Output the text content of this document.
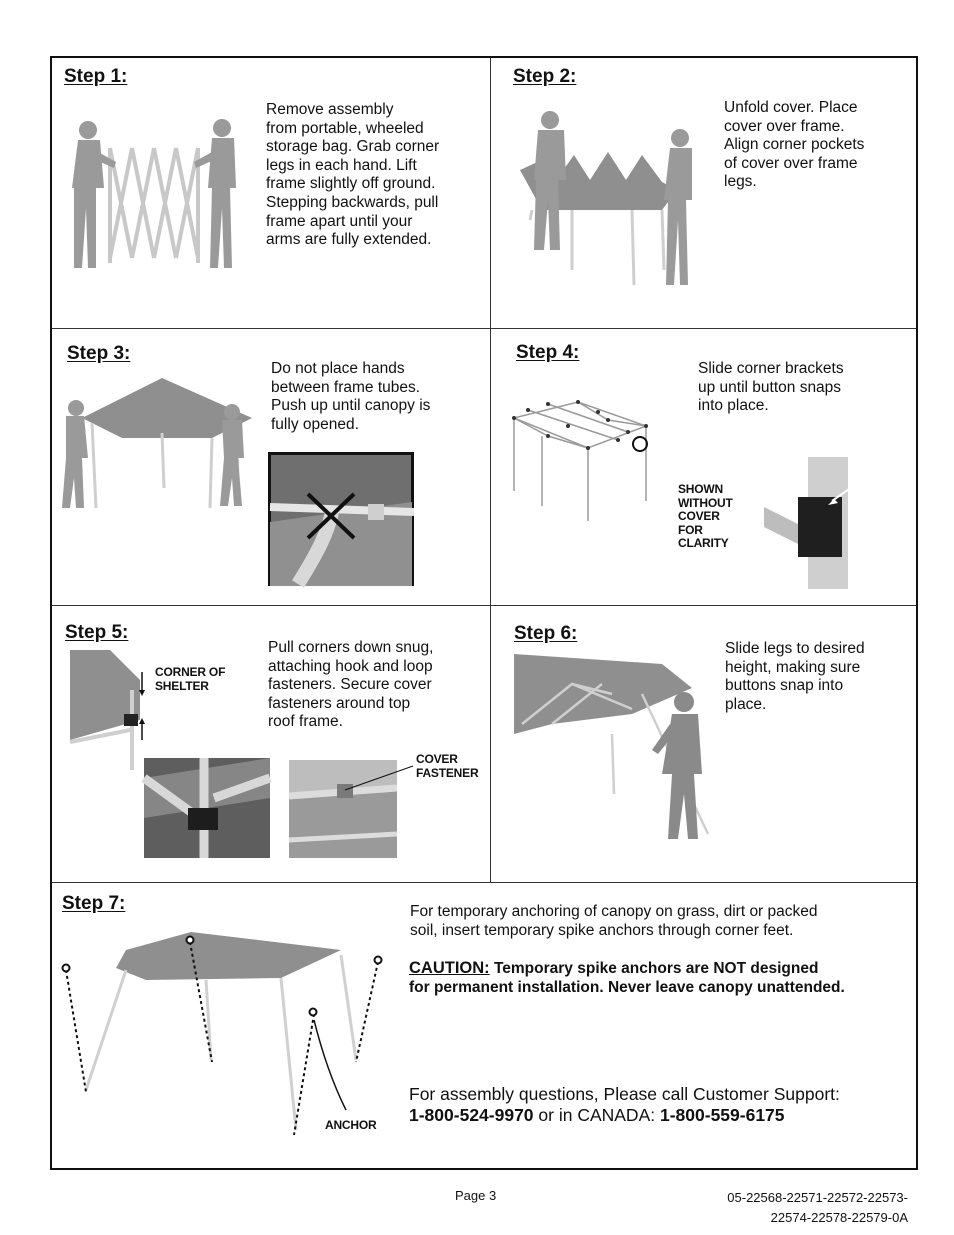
Step 1:
Remove assembly
from portable, wheeled
storage bag. Grab corner
legs in each hand. Lift
frame slightly off ground.
Stepping backwards, pull
frame apart until your
arms are fully extended.
Step 2:
Unfold cover. Place
cover over frame.
Align corner pockets
of cover over frame
legs.
Step 3:
Do not place hands
between frame tubes.
Push up until canopy is
fully opened.
Step 4:
Slide corner brackets
up until button snaps
into place.
SHOWN
WITHOUT
COVER
FOR
CLARITY
Step 5:
Pull corners down snug,
attaching hook and loop
fasteners. Secure cover
fasteners around top
roof frame.
CORNER OF
SHELTER
COVER
FASTENER
Step 6:
Slide legs to desired
height, making sure
buttons snap into
place.
Step 7:	For temporary anchoring of canopy on grass, dirt or packed
soil, insert temporary spike anchors through corner feet.
ANCHOR
CAUTION: Temporary spike anchors are NOT designed
for permanent installation. Never leave canopy unattended.
For assembly questions, Please call Customer Support:
1-800-524-9970 or in CANADA: 1-800-559-6175
Page 3	05-22568-22571-22572-22573-
22574-22578-22579-0A
